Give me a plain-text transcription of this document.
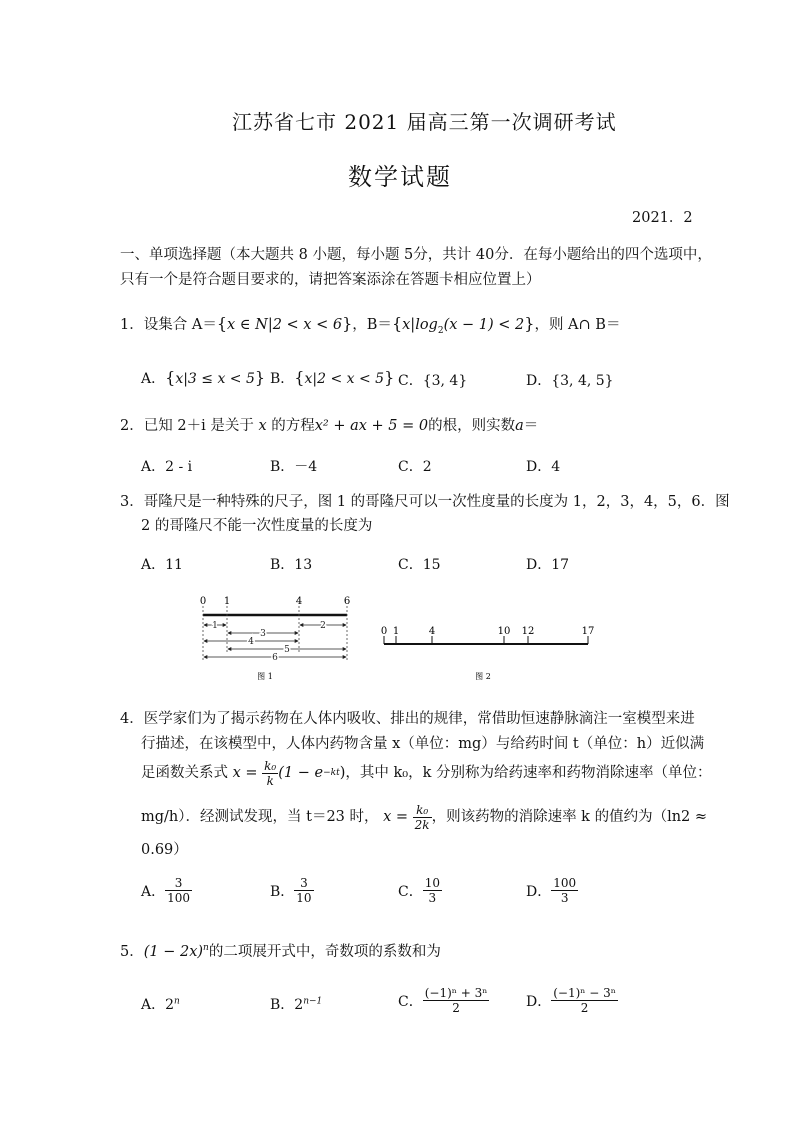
江苏省七市 2021 届高三第一次调研考试
数学试题
2021．2
一、单项选择题（本大题共 8 小题，每小题 5分，共计 40分．在每小题给出的四个选项中，
只有一个是符合题目要求的，请把答案添涂在答题卡相应位置上）
1．设集合 A＝{x ∈ N|2 < x < 6}，$B=\{x|\log_2(x - 1) < 2\}$，则 A∩ B＝
A．{x|3 ≤ x < 5} B．{x|2 < x < 5} C．{3, 4}	D．{3, 4, 5}
2．已知 2＋i 是关于 x 的方程x² + ax + 5 = 0的根，则实数a＝
A．2 - i	B．－4	C．2	D．4
3．哥隆尺是一种特殊的尺子，图 1 的哥隆尺可以一次性度量的长度为 1，2，3，4，5，6．图
2 的哥隆尺不能一次性度量的长度为
A．11	B．13	C．15	D．17
0 1	4	6
1	2
3
4
5
6
图 1
0 1	4	10 12	17
图 2
4．医学家们为了揭示药物在人体内吸收、排出的规律，常借助恒速静脉滴注一室模型来进
行描述，在该模型中，人体内药物含量 x（单位：mg）与给药时间 t（单位：h）近似满
足函数关系式
x =
$\frac{\text{k₀}}{k} (1 - e -kt$ ) ，其中 k₀，k 分别称为给药速率和药物消除速率（单位：
mg/h）．经测试发现，当 t＝23 时，
x =
$\frac{\text{k₀}}{2k}$ ，则该药物的消除速率 k 的值约为（ln2 ≈
0.69）
A． $\frac{3}{100}$	B． $\frac{3}{10}$	C． $\frac{10}{3}$	D． $\frac{100}{3}$
5．$(1 - 2x)^n$的二项展开式中，奇数项的系数和为
A．2$^n$	B．$2^{n-1}$	C． $\frac{\text{(−1)ⁿ + 3ⁿ}}{2}$	D． $\frac{\text{(−1)ⁿ − 3ⁿ}}{2}$
